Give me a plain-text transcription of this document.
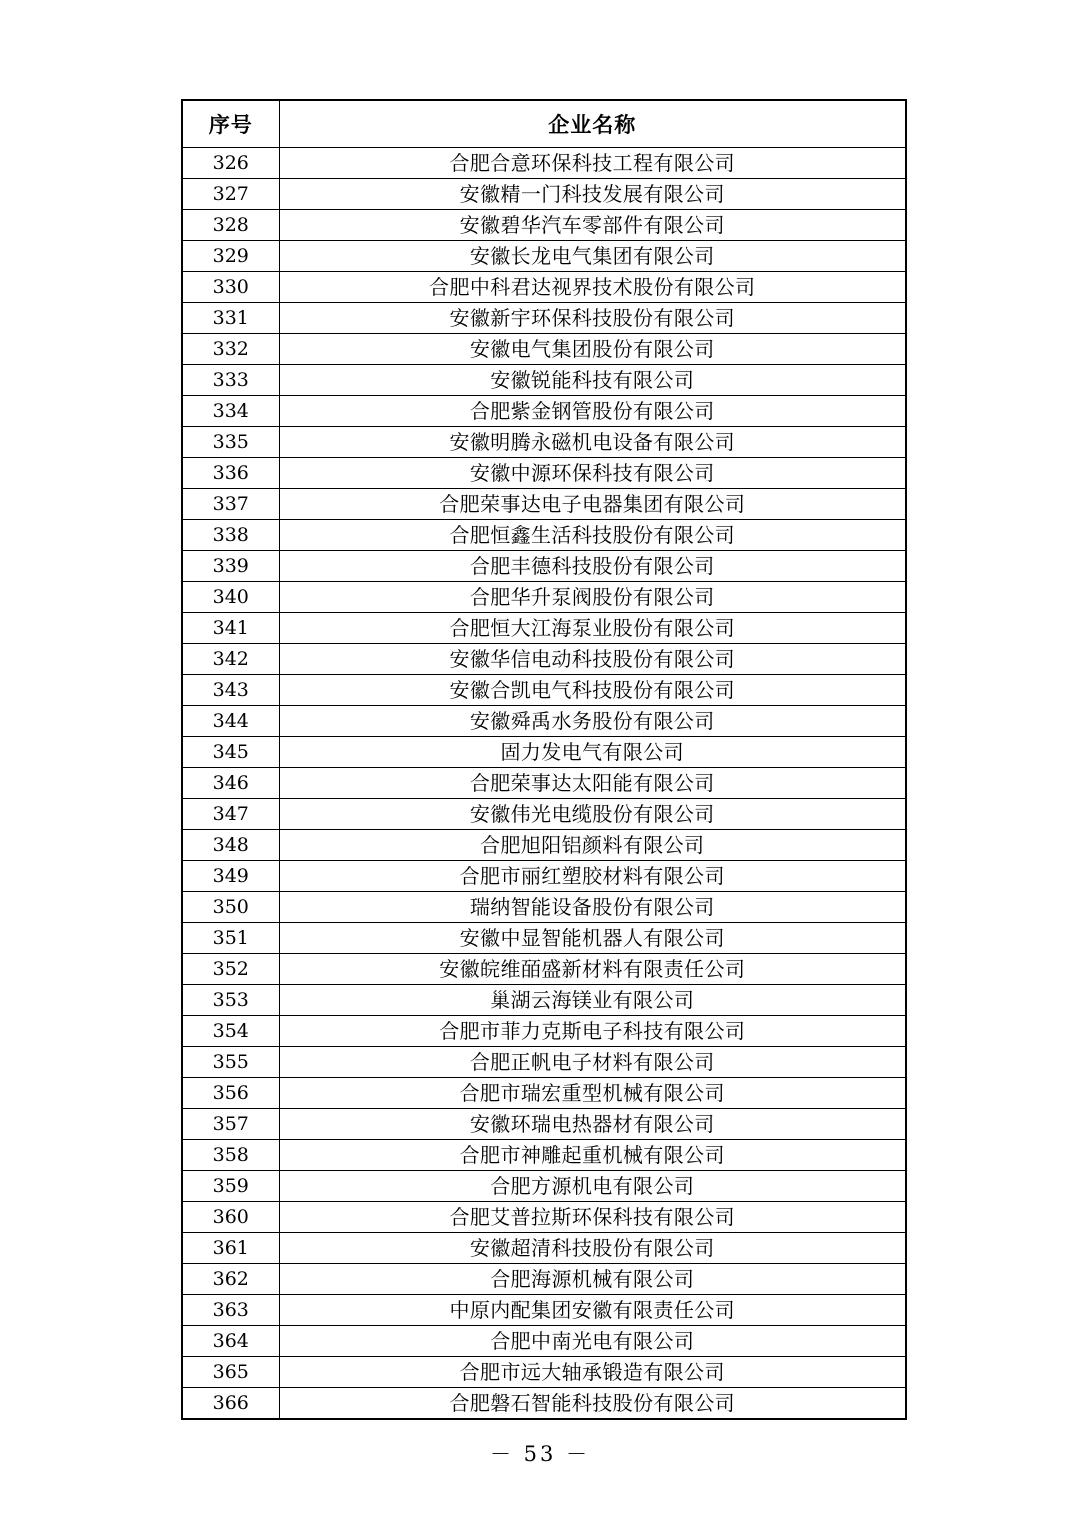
序号	企业名称
326	合肥合意环保科技工程有限公司
327	安徽精一门科技发展有限公司
328	安徽碧华汽车零部件有限公司
329	安徽长龙电气集团有限公司
330	合肥中科君达视界技术股份有限公司
331	安徽新宇环保科技股份有限公司
332	安徽电气集团股份有限公司
333	安徽锐能科技有限公司
334	合肥紫金钢管股份有限公司
335	安徽明腾永磁机电设备有限公司
336	安徽中源环保科技有限公司
337	合肥荣事达电子电器集团有限公司
338	合肥恒鑫生活科技股份有限公司
339	合肥丰德科技股份有限公司
340	合肥华升泵阀股份有限公司
341	合肥恒大江海泵业股份有限公司
342	安徽华信电动科技股份有限公司
343	安徽合凯电气科技股份有限公司
344	安徽舜禹水务股份有限公司
345	固力发电气有限公司
346	合肥荣事达太阳能有限公司
347	安徽伟光电缆股份有限公司
348	合肥旭阳铝颜料有限公司
349	合肥市丽红塑胶材料有限公司
350	瑞纳智能设备股份有限公司
351	安徽中显智能机器人有限公司
352	安徽皖维皕盛新材料有限责任公司
353	巢湖云海镁业有限公司
354	合肥市菲力克斯电子科技有限公司
355	合肥正帆电子材料有限公司
356	合肥市瑞宏重型机械有限公司
357	安徽环瑞电热器材有限公司
358	合肥市神雕起重机械有限公司
359	合肥方源机电有限公司
360	合肥艾普拉斯环保科技有限公司
361	安徽超清科技股份有限公司
362	合肥海源机械有限公司
363	中原内配集团安徽有限责任公司
364	合肥中南光电有限公司
365	合肥市远大轴承锻造有限公司
366	合肥磐石智能科技股份有限公司
－ 53 －
